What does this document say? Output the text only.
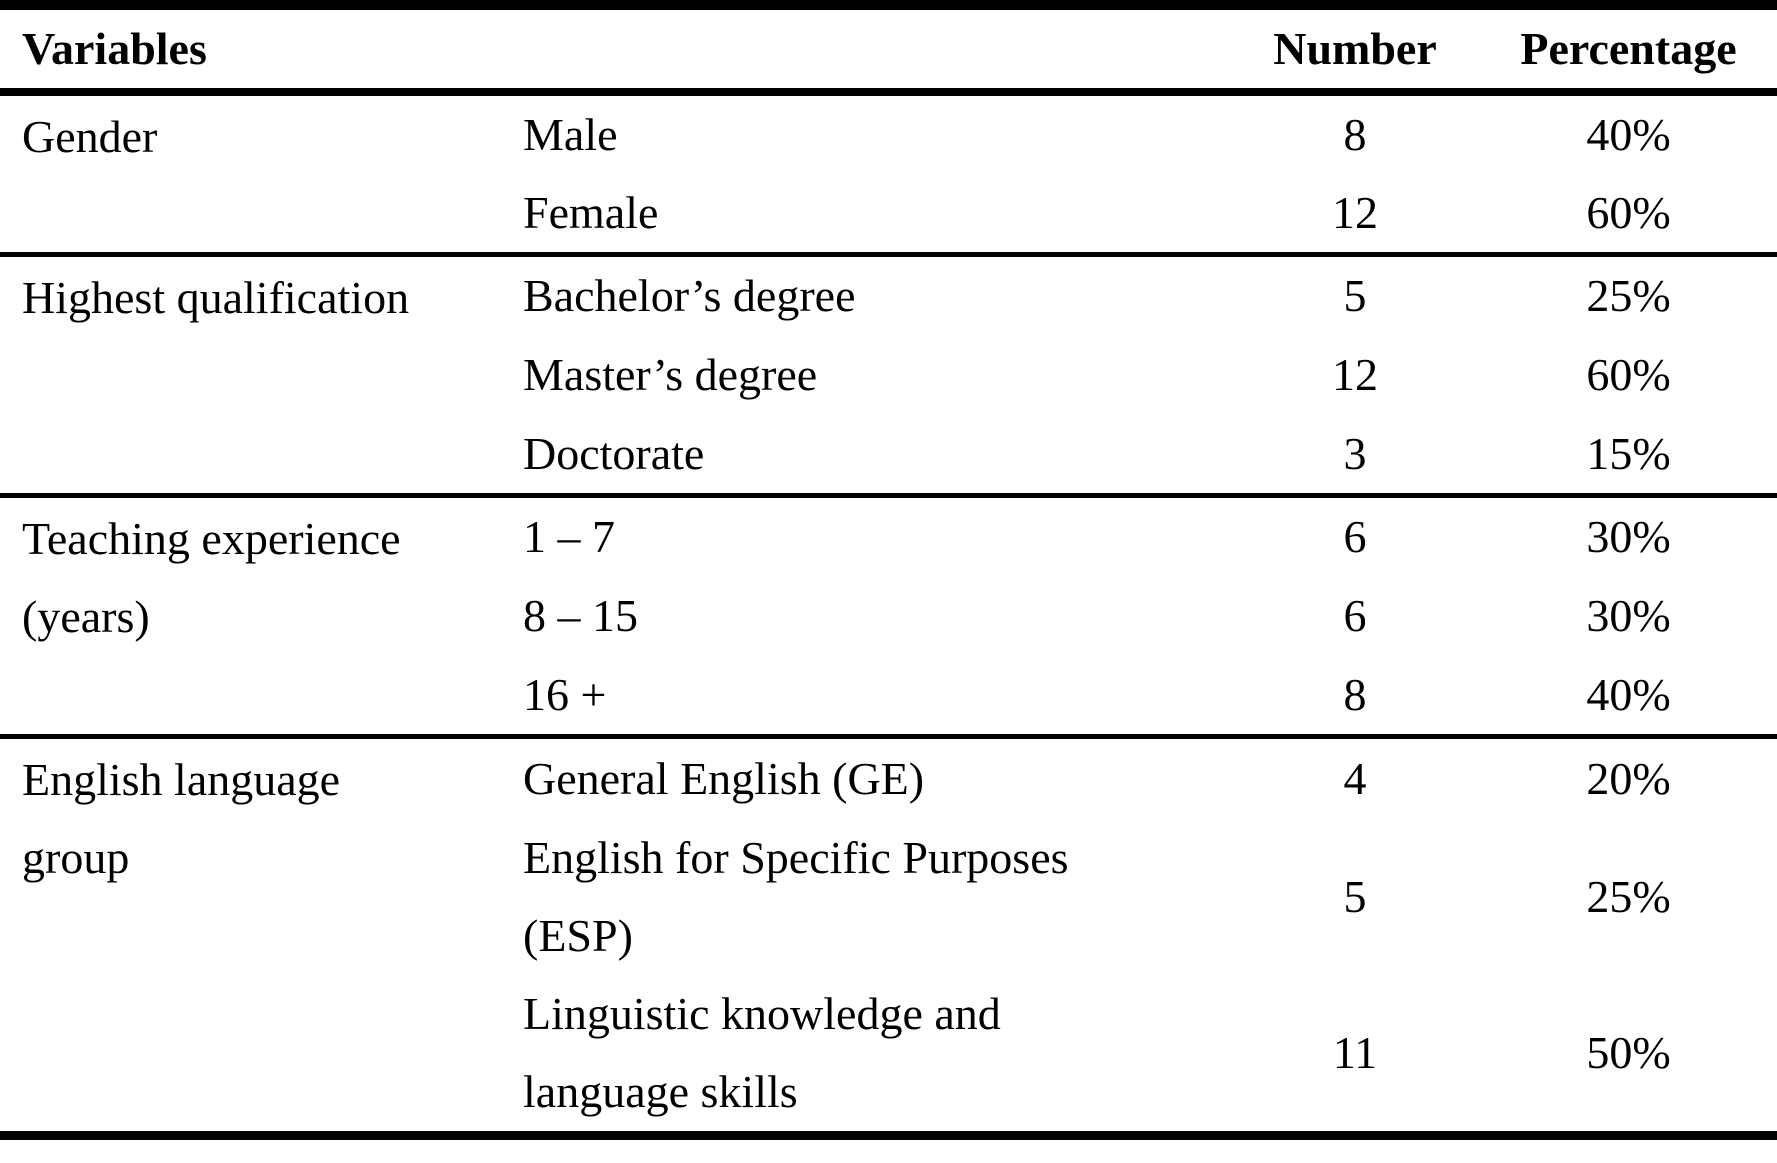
Variables		Number	Percentage

Gender	Male	8	40%

	Female	12	60%

Highest qualification	Bachelor’s degree	5	25%

	Master’s degree	12	60%

	Doctorate	3	15%

Teaching experience
(years)	1 – 7	6	30%

	8 – 15	6	30%

	16 +	8	40%

English language
group	General English (GE)	4	20%

	English for Specific Purposes
(ESP)	5	25%

	Linguistic knowledge and
language skills	11	50%
